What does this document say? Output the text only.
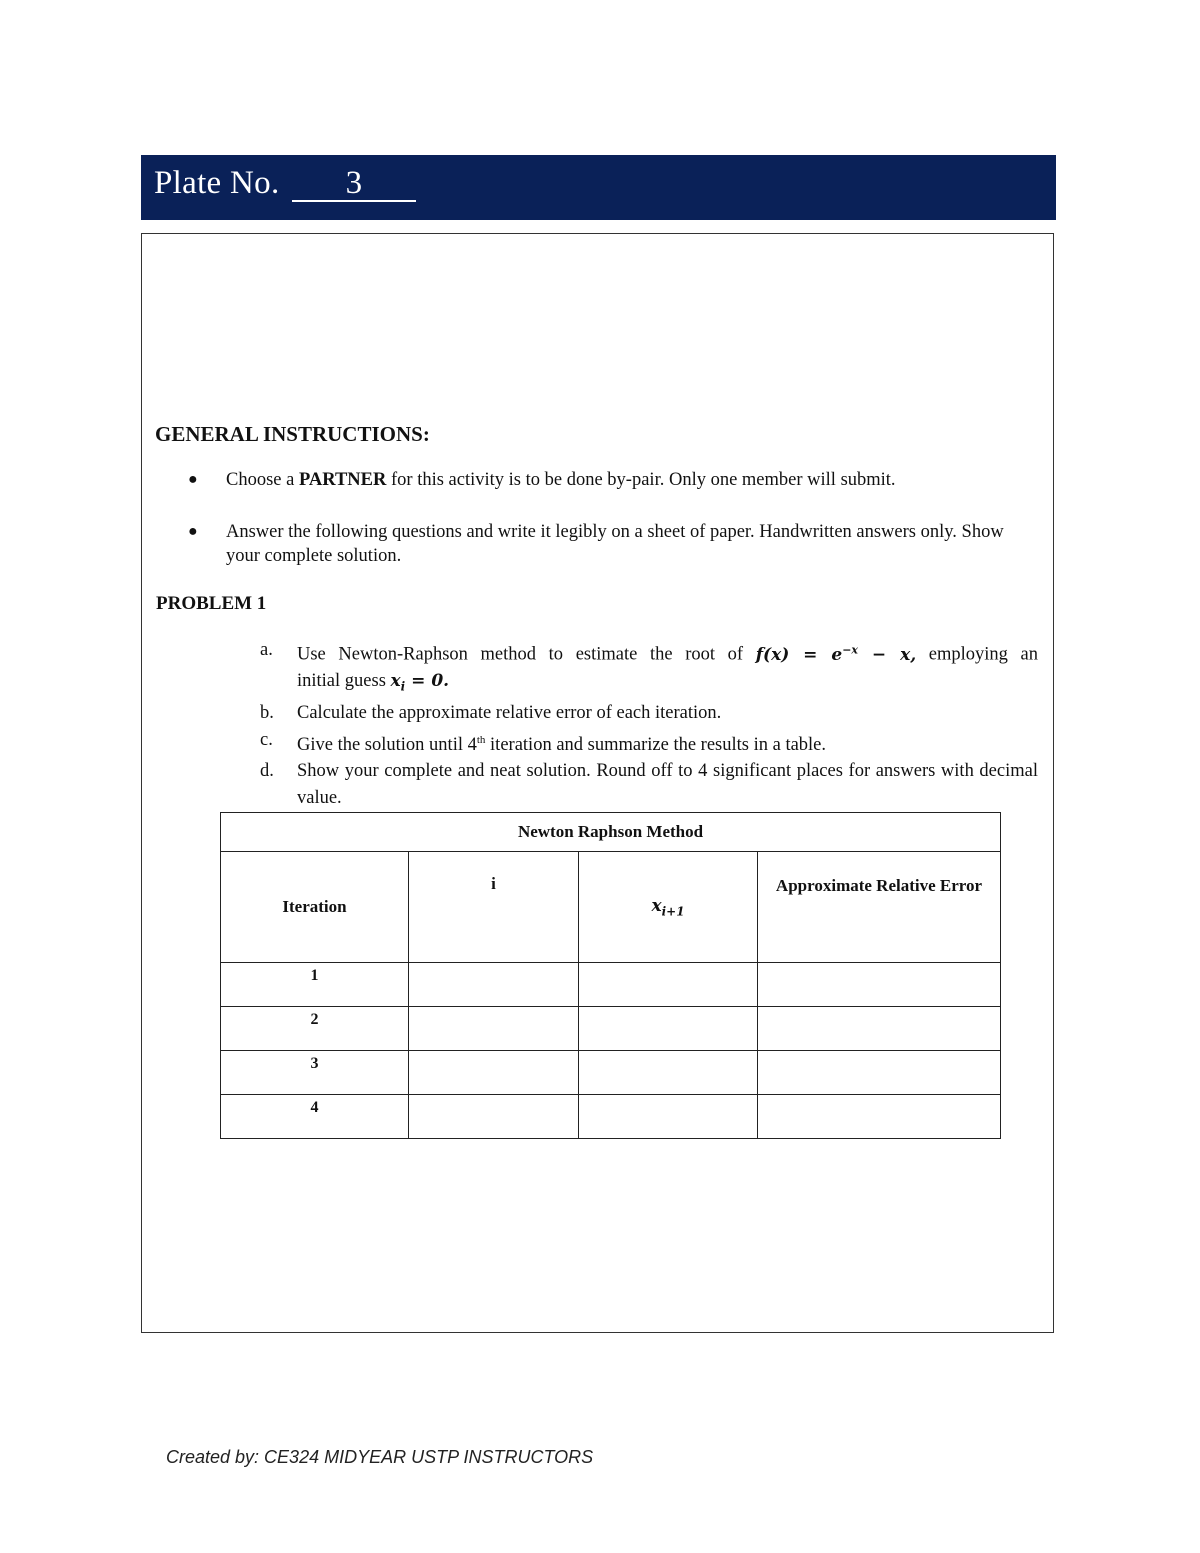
Plate No. 3
GENERAL INSTRUCTIONS:
● Choose a PARTNER for this activity is to be done by-pair. Only one member will submit.
● Answer the following questions and write it legibly on a sheet of paper. Handwritten answers only. Show your complete solution.
PROBLEM 1
a. Use Newton-Raphson method to estimate the root of $f(x) = e^{-x} - x$, employing an
initial guess $x_i = 0$.
b. Calculate the approximate relative error of each iteration.
c. Give the solution until 4th iteration and summarize the results in a table.
d. Show your complete and neat solution. Round off to 4 significant places for answers with decimal value.
Newton Raphson Method			
Iteration	i	$x_{i+1}$	Approximate Relative Error
1			
2			
3			
4			
Created by: CE324 MIDYEAR USTP INSTRUCTORS
